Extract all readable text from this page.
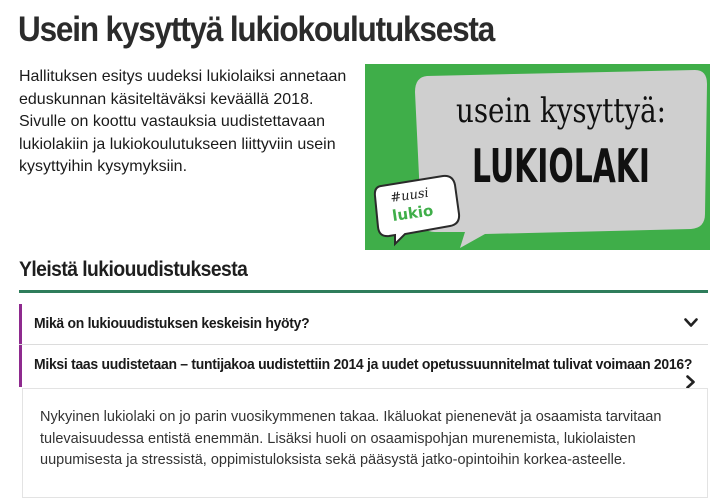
Usein kysyttyä lukiokoulutuksesta

Hallituksen esitys uudeksi lukiolaiksi annetaan eduskunnan käsiteltäväksi keväällä 2018. Sivulle on koottu vastauksia uudistettavaan lukiolakiin ja lukiokoulutukseen liittyviin usein kysyttyihin kysymyksiin.

#uusi
lukio
usein kysyttyä:
LUKIOLAKI
Yleistä lukiouudistuksesta
Mikä on lukiouudistuksen keskeisin hyöty?
Miksi taas uudistetaan – tuntijakoa uudistettiin 2014 ja uudet opetussuunnitelmat tulivat voimaan 2016?

Nykyinen lukiolaki on jo parin vuosikymmenen takaa. Ikäluokat pienenevät ja osaamista tarvitaan tulevaisuudessa entistä enemmän. Lisäksi huoli on osaamispohjan murenemista, lukiolaisten uupumisesta ja stressistä, oppimistuloksista sekä pääsystä jatko-opintoihin korkea-asteelle.
